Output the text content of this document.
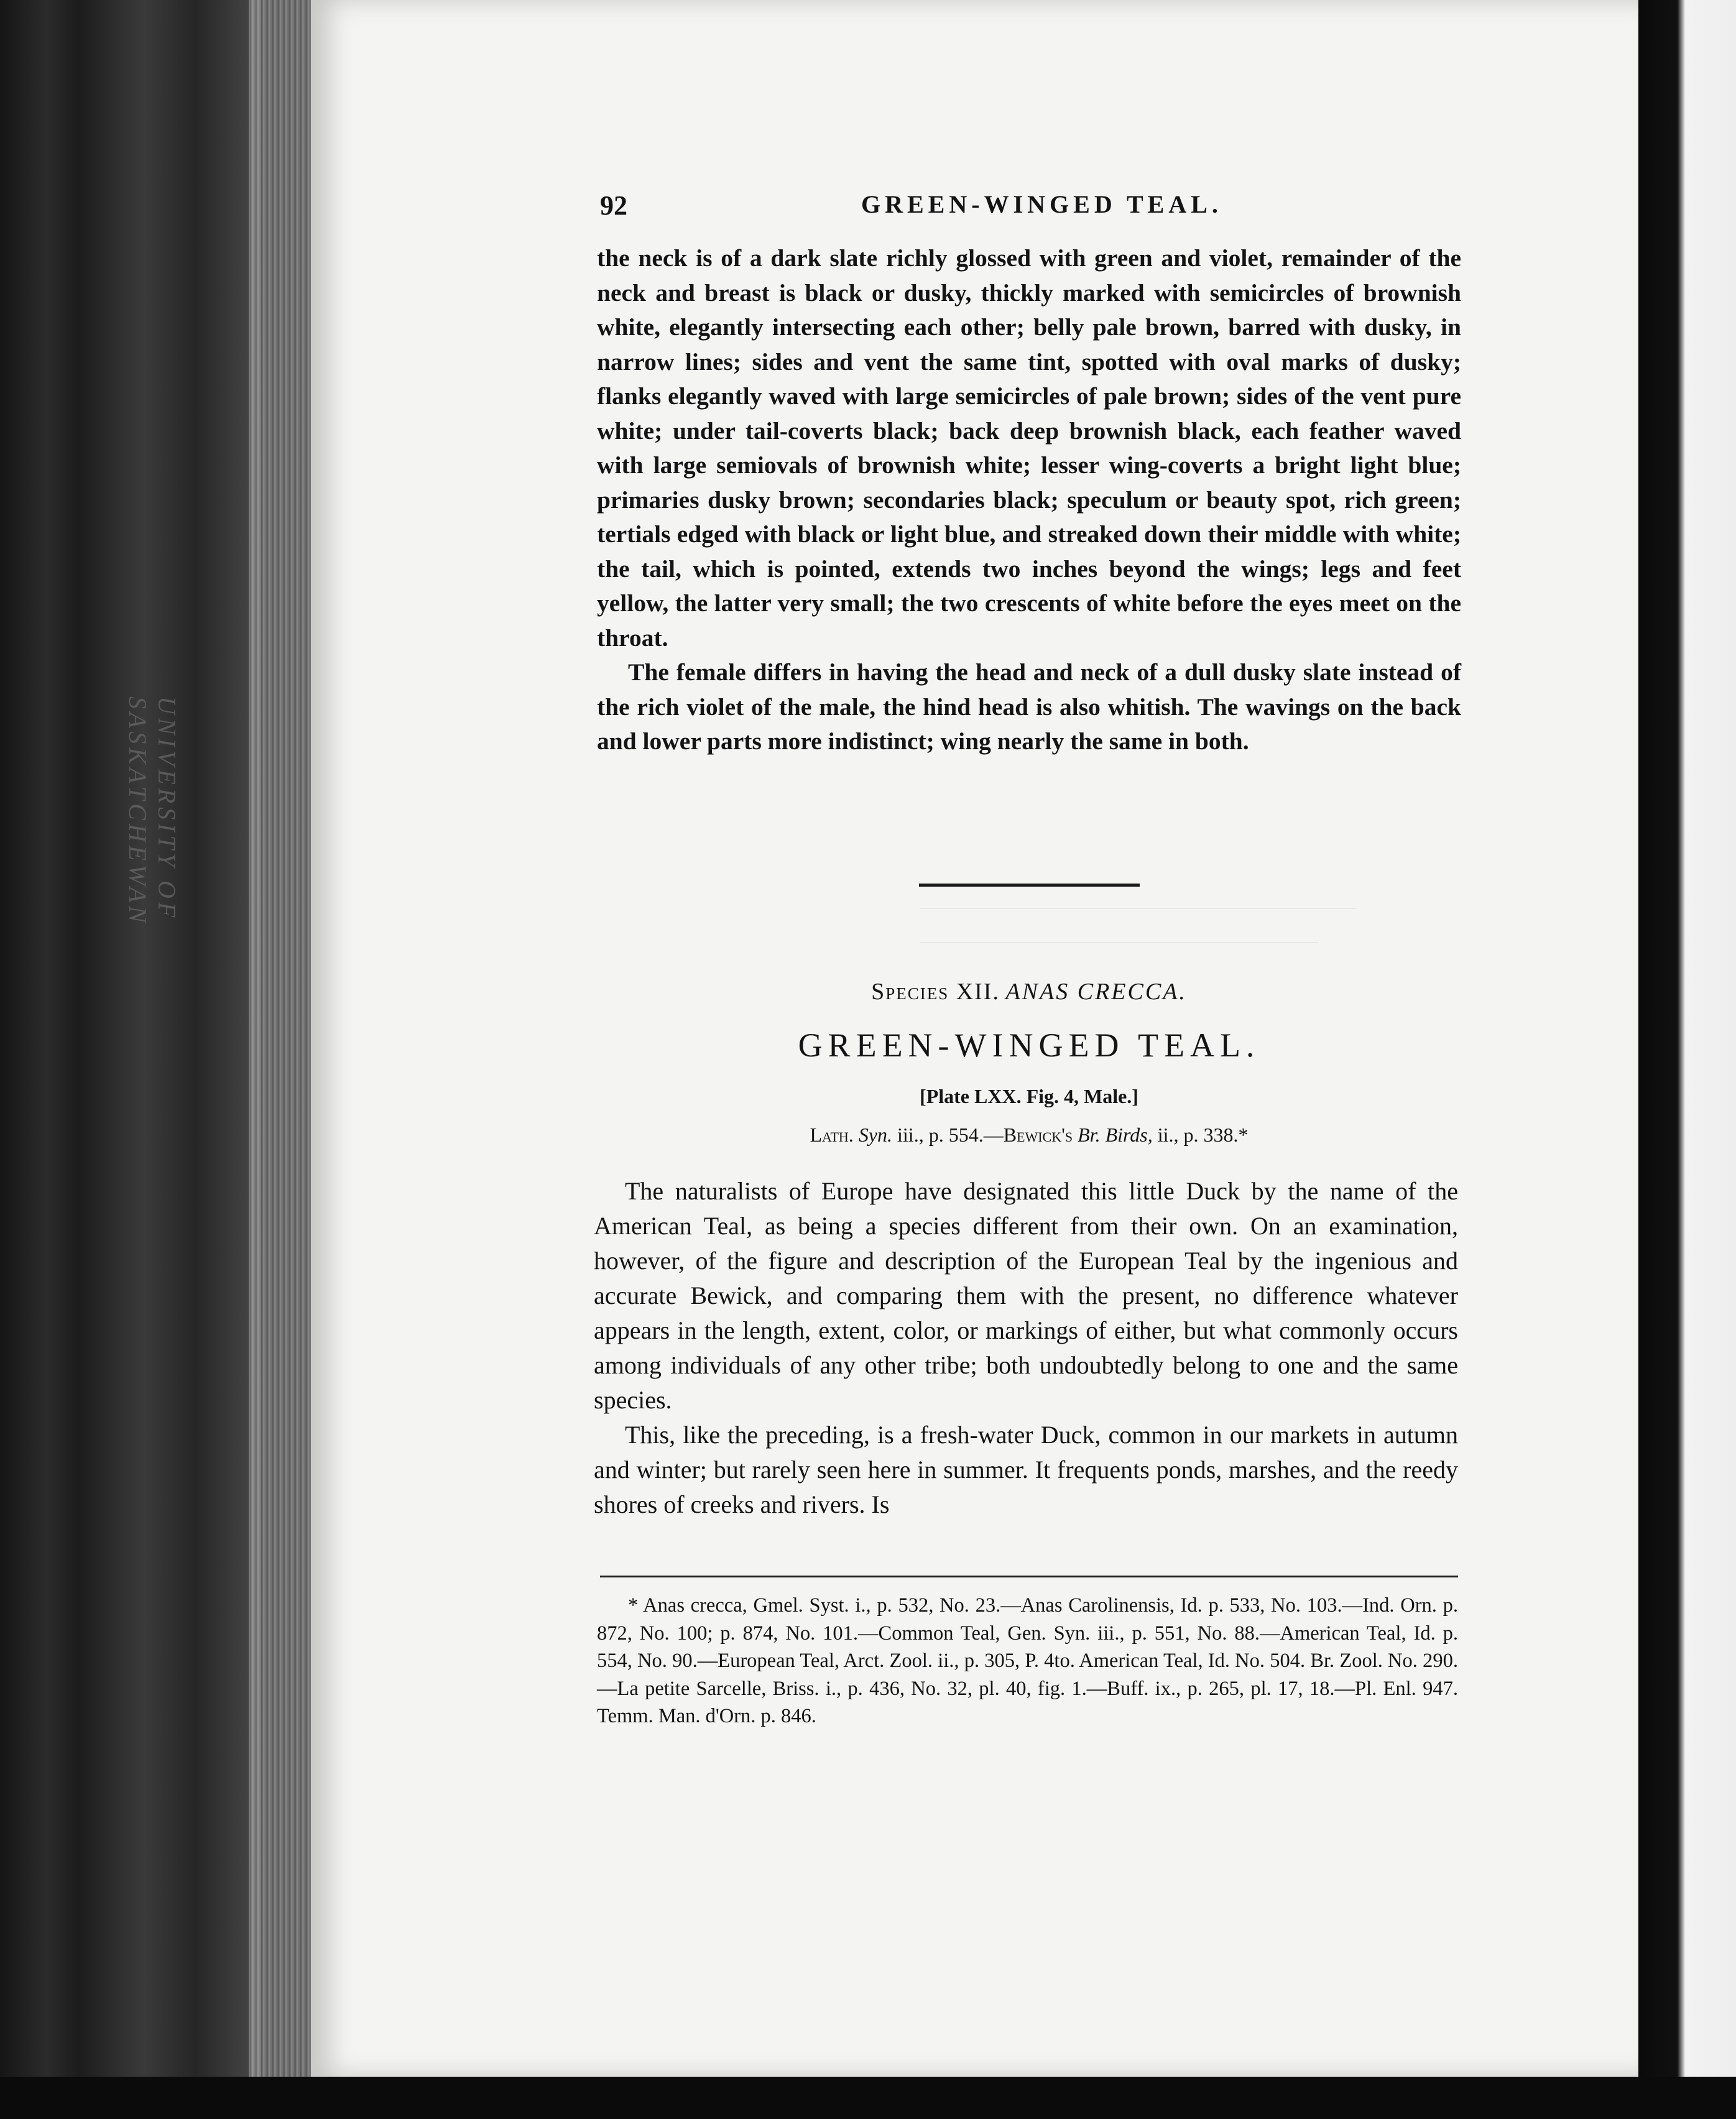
UNIVERSITY OF SASKATCHEWAN
92	GREEN-WINGED TEAL.

the neck is of a dark slate richly glossed with green and violet, remainder of the neck and breast is black or dusky, thickly marked with semicircles of brownish white, elegantly intersecting each other; belly pale brown, barred with dusky, in narrow lines; sides and vent the same tint, spotted with oval marks of dusky; flanks elegantly waved with large semicircles of pale brown; sides of the vent pure white; under tail-coverts black; back deep brownish black, each feather waved with large semiovals of brownish white; lesser wing-coverts a bright light blue; primaries dusky brown; secondaries black; speculum or beauty spot, rich green; tertials edged with black or light blue, and streaked down their middle with white; the tail, which is pointed, extends two inches beyond the wings; legs and feet yellow, the latter very small; the two crescents of white before the eyes meet on the throat.

The female differs in having the head and neck of a dull dusky slate instead of the rich violet of the male, the hind head is also whitish. The wavings on the back and lower parts more indistinct; wing nearly the same in both.

Species XII. ANAS CRECCA.
GREEN-WINGED TEAL.
[Plate LXX. Fig. 4, Male.]
Lath. Syn. iii., p. 554.—Bewick's Br. Birds, ii., p. 338.*

The naturalists of Europe have designated this little Duck by the name of the American Teal, as being a species different from their own. On an examination, however, of the figure and description of the European Teal by the ingenious and accurate Bewick, and comparing them with the present, no difference whatever appears in the length, extent, color, or markings of either, but what commonly occurs among individuals of any other tribe; both undoubtedly belong to one and the same species.

This, like the preceding, is a fresh-water Duck, common in our markets in autumn and winter; but rarely seen here in summer. It frequents ponds, marshes, and the reedy shores of creeks and rivers. Is

* Anas crecca, Gmel. Syst. i., p. 532, No. 23.—Anas Carolinensis, Id. p. 533, No. 103.—Ind. Orn. p. 872, No. 100; p. 874, No. 101.—Common Teal, Gen. Syn. iii., p. 551, No. 88.—American Teal, Id. p. 554, No. 90.—European Teal, Arct. Zool. ii., p. 305, P. 4to. American Teal, Id. No. 504. Br. Zool. No. 290.—La petite Sarcelle, Briss. i., p. 436, No. 32, pl. 40, fig. 1.—Buff. ix., p. 265, pl. 17, 18.—Pl. Enl. 947. Temm. Man. d'Orn. p. 846.
